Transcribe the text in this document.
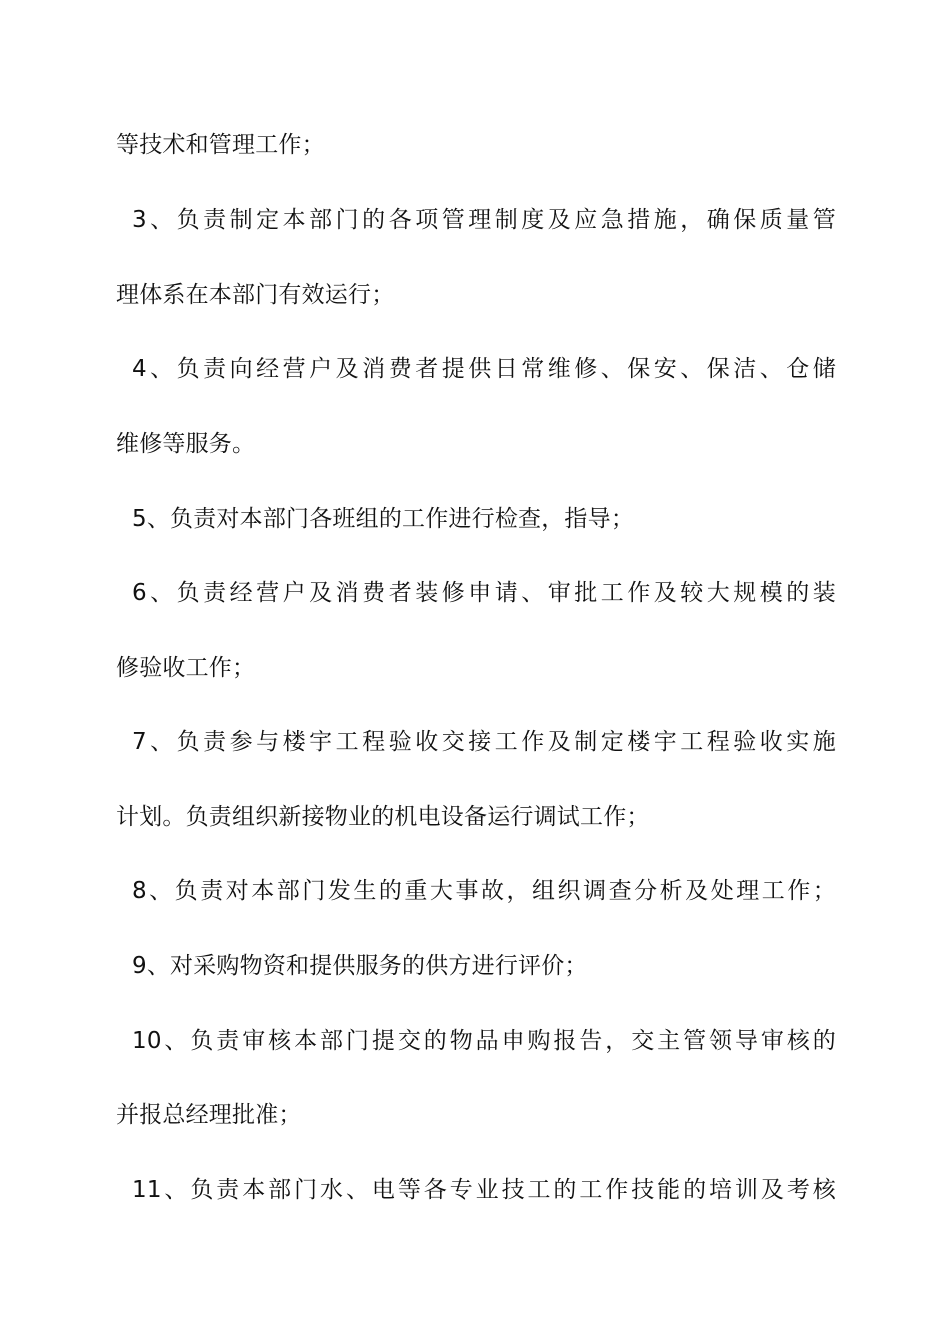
等技术和管理工作；
3、负责制定本部门的各项管理制度及应急措施，确保质量管
理体系在本部门有效运行；
4、负责向经营户及消费者提供日常维修、保安、保洁、仓储
维修等服务。
5、负责对本部门各班组的工作进行检查，指导；
6、负责经营户及消费者装修申请、审批工作及较大规模的装
修验收工作；
7、负责参与楼宇工程验收交接工作及制定楼宇工程验收实施
计划。负责组织新接物业的机电设备运行调试工作；
8、负责对本部门发生的重大事故，组织调查分析及处理工作；
9、对采购物资和提供服务的供方进行评价；
10、负责审核本部门提交的物品申购报告，交主管领导审核的
并报总经理批准；
11、负责本部门水、电等各专业技工的工作技能的培训及考核
